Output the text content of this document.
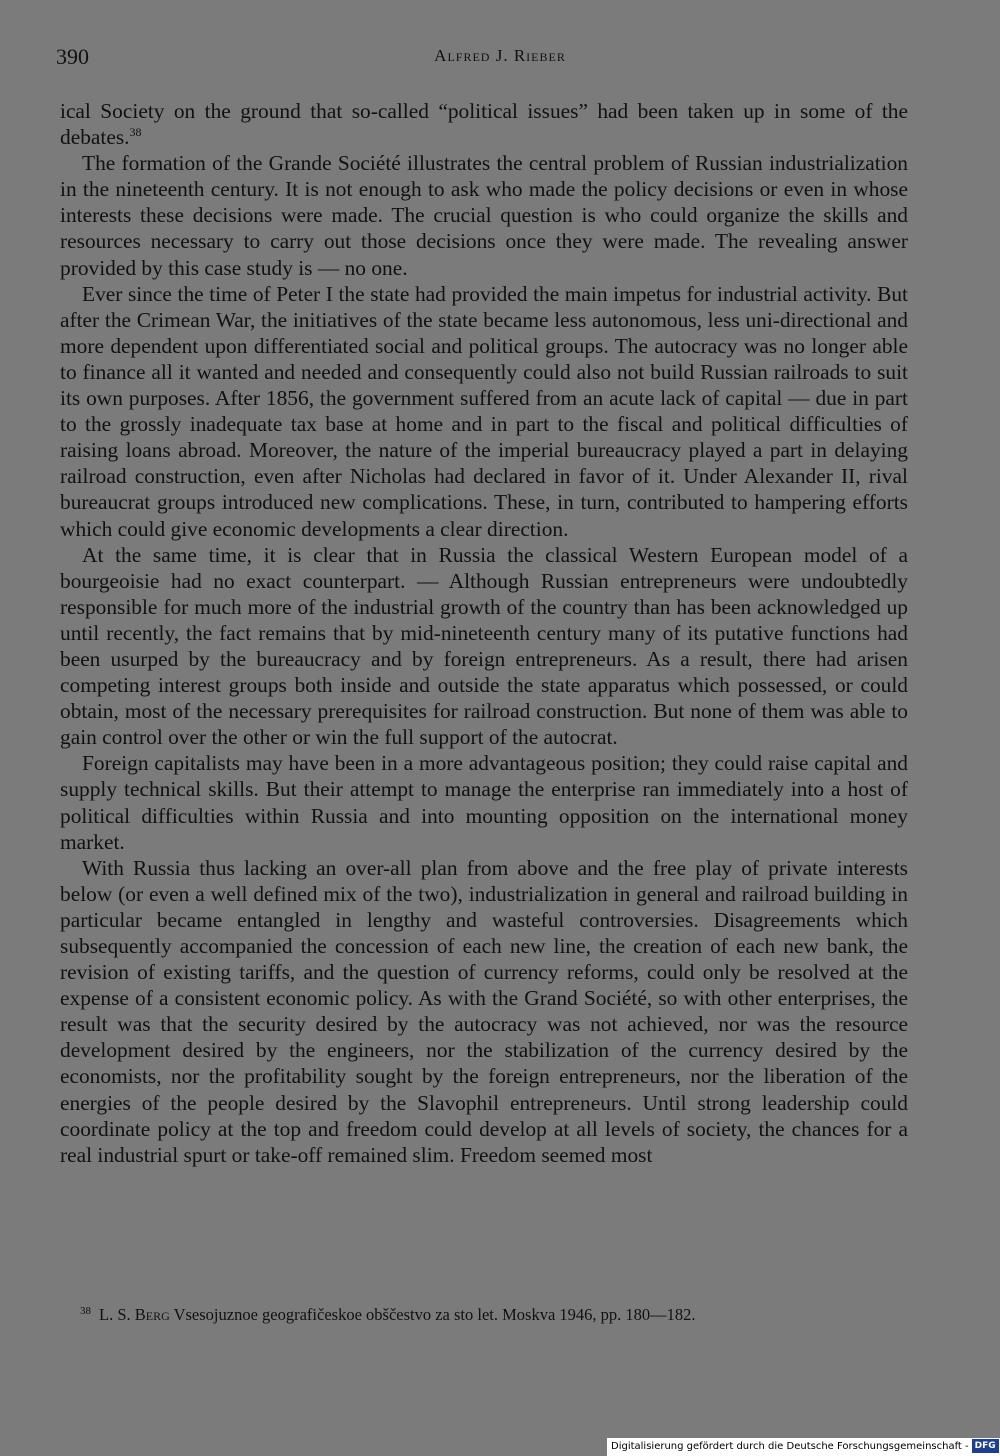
390	Alfred J. Rieber

ical Society on the ground that so-called “political issues” had been taken up in some of the debates.$^{38}$

The formation of the Grande Société illustrates the central problem of Russian industrialization in the nineteenth century. It is not enough to ask who made the policy decisions or even in whose interests these decisions were made. The crucial question is who could organize the skills and resources necessary to carry out those decisions once they were made. The revealing answer provided by this case study is — no one.

Ever since the time of Peter I the state had provided the main impetus for industrial activity. But after the Crimean War, the initiatives of the state became less autonomous, less uni-directional and more dependent upon differentiated social and political groups. The autocracy was no longer able to finance all it wanted and needed and consequently could also not build Russian railroads to suit its own purposes. After 1856, the government suffered from an acute lack of capital — due in part to the grossly inadequate tax base at home and in part to the fiscal and political difficulties of raising loans abroad. Moreover, the nature of the imperial bureaucracy played a part in delaying railroad construction, even after Nicholas had declared in favor of it. Under Alexander II, rival bureaucrat groups introduced new complications. These, in turn, contributed to hampering efforts which could give economic developments a clear direction.

At the same time, it is clear that in Russia the classical Western European model of a bourgeoisie had no exact counterpart. — Although Russian entrepreneurs were undoubtedly responsible for much more of the industrial growth of the country than has been acknowledged up until recently, the fact remains that by mid-nineteenth century many of its putative functions had been usurped by the bureaucracy and by foreign entrepreneurs. As a result, there had arisen competing interest groups both inside and outside the state apparatus which possessed, or could obtain, most of the necessary prerequisites for railroad construction. But none of them was able to gain control over the other or win the full support of the autocrat.

Foreign capitalists may have been in a more advantageous position; they could raise capital and supply technical skills. But their attempt to manage the enterprise ran immediately into a host of political difficulties within Russia and into mounting opposition on the international money market.

With Russia thus lacking an over-all plan from above and the free play of private interests below (or even a well defined mix of the two), industrialization in general and railroad building in particular became entangled in lengthy and wasteful controversies. Disagreements which subsequently accompanied the concession of each new line, the creation of each new bank, the revision of existing tariffs, and the question of currency reforms, could only be resolved at the expense of a consistent economic policy. As with the Grand Société, so with other enterprises, the result was that the security desired by the autocracy was not achieved, nor was the resource development desired by the engineers, nor the stabilization of the currency desired by the economists, nor the profitability sought by the foreign entrepreneurs, nor the liberation of the energies of the people desired by the Slavophil entrepreneurs. Until strong leadership could coordinate policy at the top and freedom could develop at all levels of society, the chances for a real industrial spurt or take-off remained slim. Freedom seemed most

$^{38}$ L. S. Berg Vsesojuznoe geografičeskoe obščestvo za sto let. Moskva 1946, pp. 180—182.
Digitalisierung gefördert durch die Deutsche Forschungsgemeinschaft - DFG
